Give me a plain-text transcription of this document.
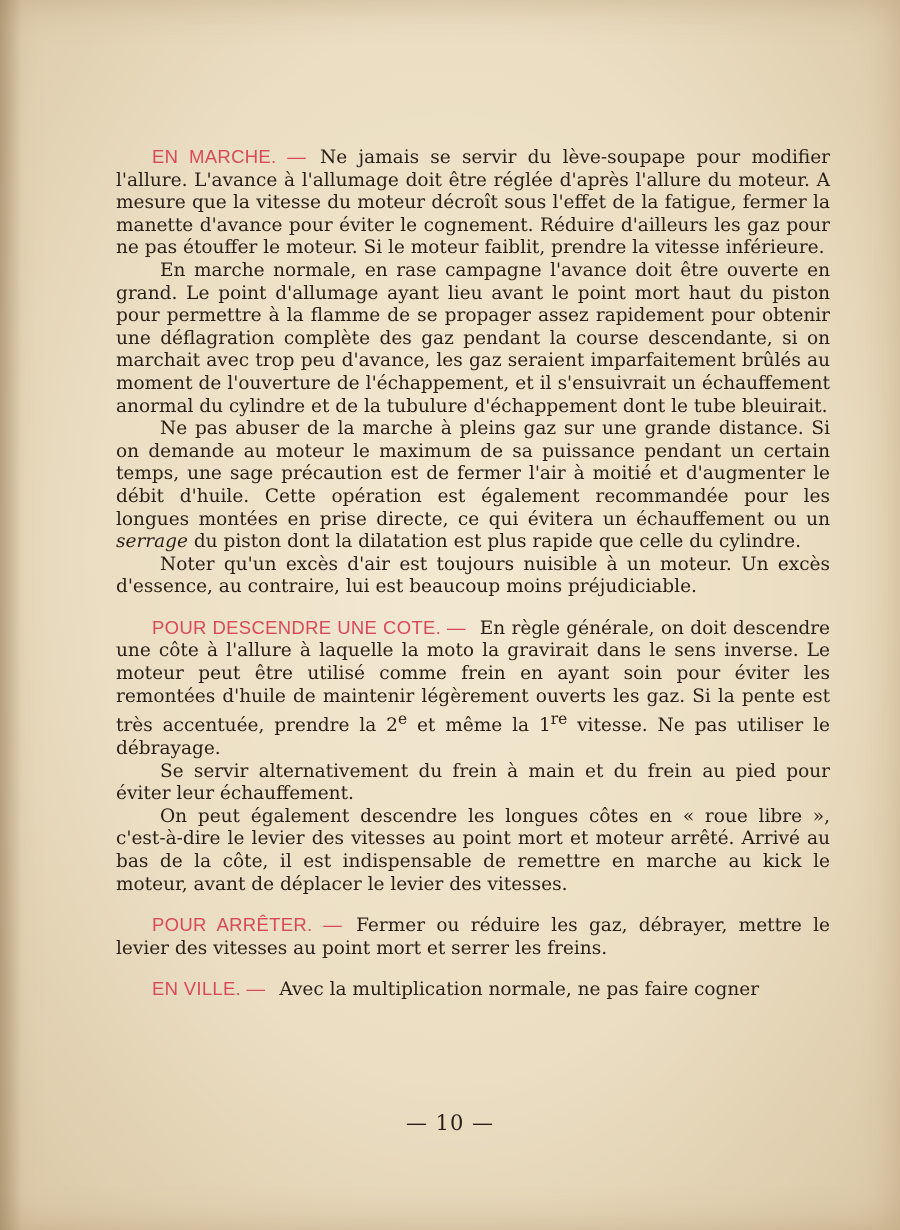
EN MARCHE. — Ne jamais se servir du lève-soupape pour modifier l'allure. L'avance à l'allumage doit être réglée d'après l'allure du moteur. A mesure que la vitesse du moteur décroît sous l'effet de la fatigue, fermer la manette d'avance pour éviter le cognement. Réduire d'ailleurs les gaz pour ne pas étouffer le moteur. Si le moteur faiblit, prendre la vitesse inférieure.

En marche normale, en rase campagne l'avance doit être ouverte en grand. Le point d'allumage ayant lieu avant le point mort haut du piston pour permettre à la flamme de se propager assez rapidement pour obtenir une déflagration complète des gaz pendant la course descendante, si on marchait avec trop peu d'avance, les gaz seraient imparfaitement brûlés au moment de l'ouverture de l'échappement, et il s'ensuivrait un échauffement anormal du cylindre et de la tubulure d'échappement dont le tube bleuirait.

Ne pas abuser de la marche à pleins gaz sur une grande distance. Si on demande au moteur le maximum de sa puissance pendant un certain temps, une sage précaution est de fermer l'air à moitié et d'augmenter le débit d'huile. Cette opération est également recommandée pour les longues montées en prise directe, ce qui évitera un échauffement ou un serrage du piston dont la dilatation est plus rapide que celle du cylindre.

Noter qu'un excès d'air est toujours nuisible à un moteur. Un excès d'essence, au contraire, lui est beaucoup moins préjudiciable.

POUR DESCENDRE UNE COTE. — En règle générale, on doit descendre une côte à l'allure à laquelle la moto la gravirait dans le sens inverse. Le moteur peut être utilisé comme frein en ayant soin pour éviter les remontées d'huile de maintenir légèrement ouverts les gaz. Si la pente est très accentuée, prendre la 2e et même la 1re vitesse. Ne pas utiliser le débrayage.

Se servir alternativement du frein à main et du frein au pied pour éviter leur échauffement.

On peut également descendre les longues côtes en « roue libre », c'est-à-dire le levier des vitesses au point mort et moteur arrêté. Arrivé au bas de la côte, il est indispensable de remettre en marche au kick le moteur, avant de déplacer le levier des vitesses.

POUR ARRÊTER. — Fermer ou réduire les gaz, débrayer, mettre le levier des vitesses au point mort et serrer les freins.

EN VILLE. — Avec la multiplication normale, ne pas faire cogner

— 10 —
